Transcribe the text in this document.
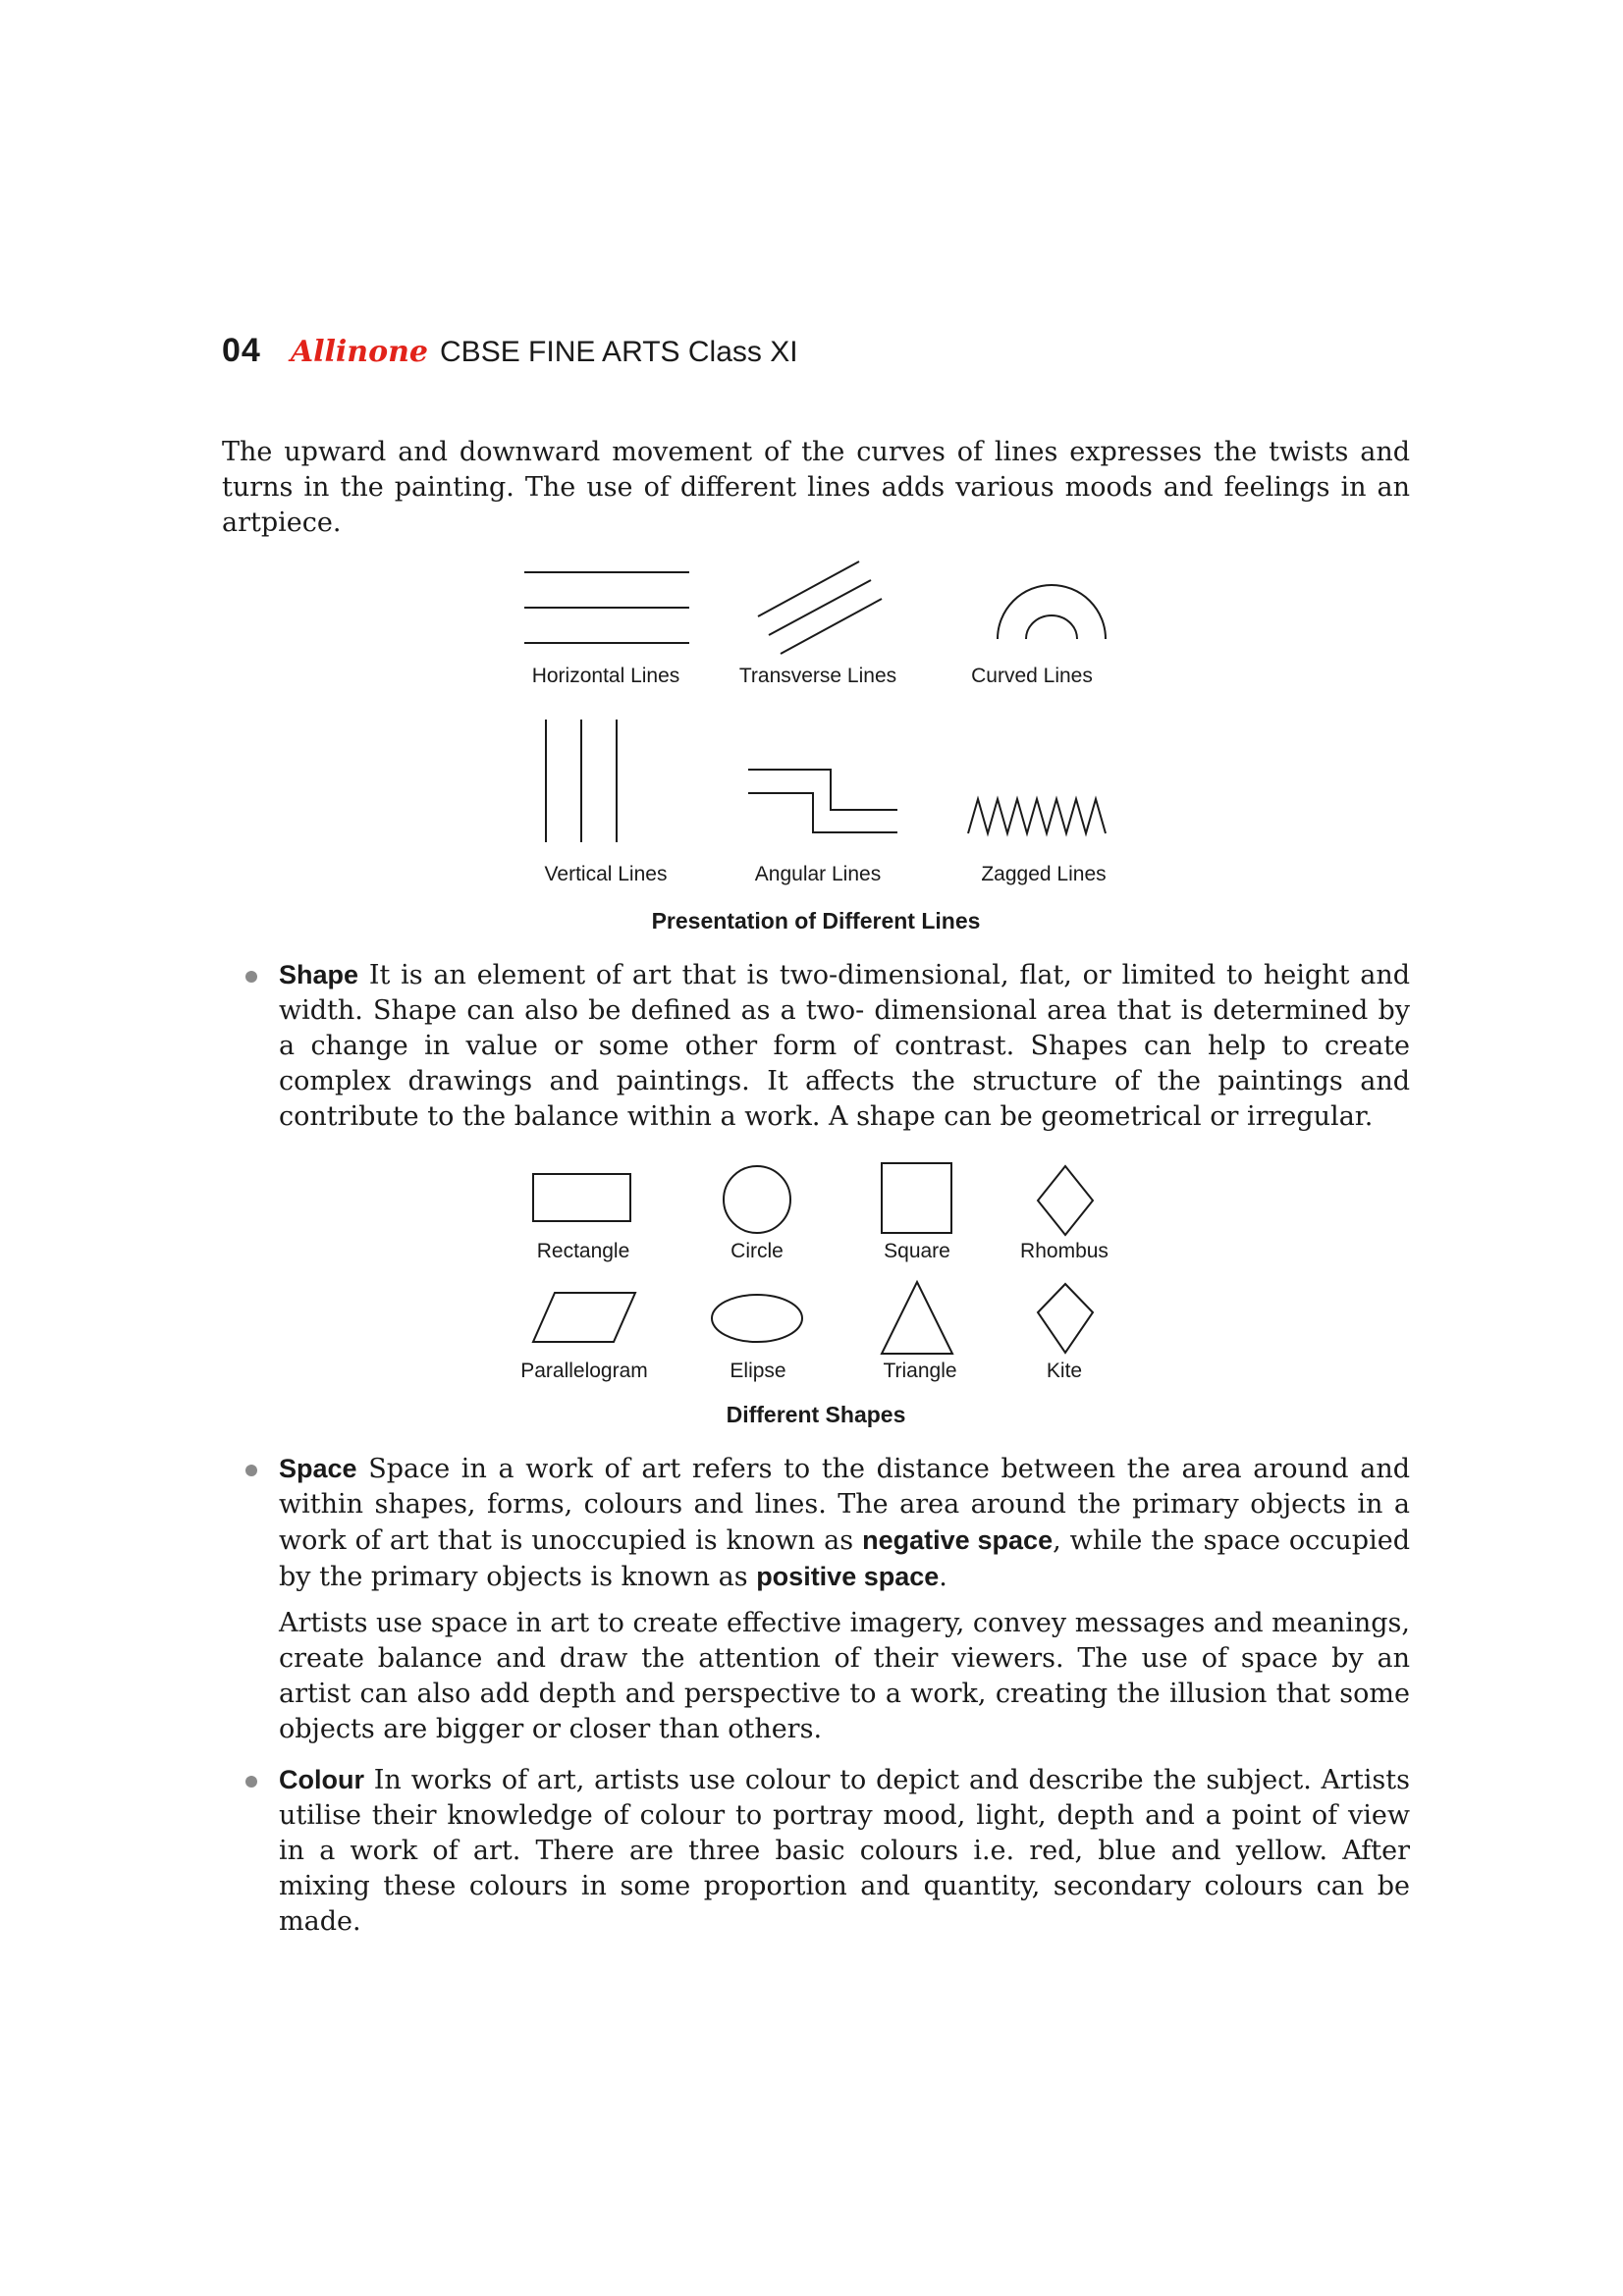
04 Allinone CBSE FINE ARTS Class XI

The upward and downward movement of the curves of lines expresses the twists and turns in the painting. The use of different lines adds various moods and feelings in an artpiece.

Horizontal Lines	Transverse Lines	Curved Lines
Vertical Lines	Angular Lines	Zagged Lines
Presentation of Different Lines

Shape It is an element of art that is two-dimensional, flat, or limited to height and width. Shape can also be defined as a two- dimensional area that is determined by a change in value or some other form of contrast. Shapes can help to create complex drawings and paintings. It affects the structure of the paintings and contribute to the balance within a work. A shape can be geometrical or irregular.

Rectangle	Circle	Square	Rhombus
Parallelogram	Elipse	Triangle	Kite
Different Shapes

Space Space in a work of art refers to the distance between the area around and within shapes, forms, colours and lines. The area around the primary objects in a work of art that is unoccupied is known as negative space, while the space occupied by the primary objects is known as positive space.

Artists use space in art to create effective imagery, convey messages and meanings, create balance and draw the attention of their viewers. The use of space by an artist can also add depth and perspective to a work, creating the illusion that some objects are bigger or closer than others.

Colour In works of art, artists use colour to depict and describe the subject. Artists utilise their knowledge of colour to portray mood, light, depth and a point of view in a work of art. There are three basic colours i.e. red, blue and yellow. After mixing these colours in some proportion and quantity, secondary colours can be made.
